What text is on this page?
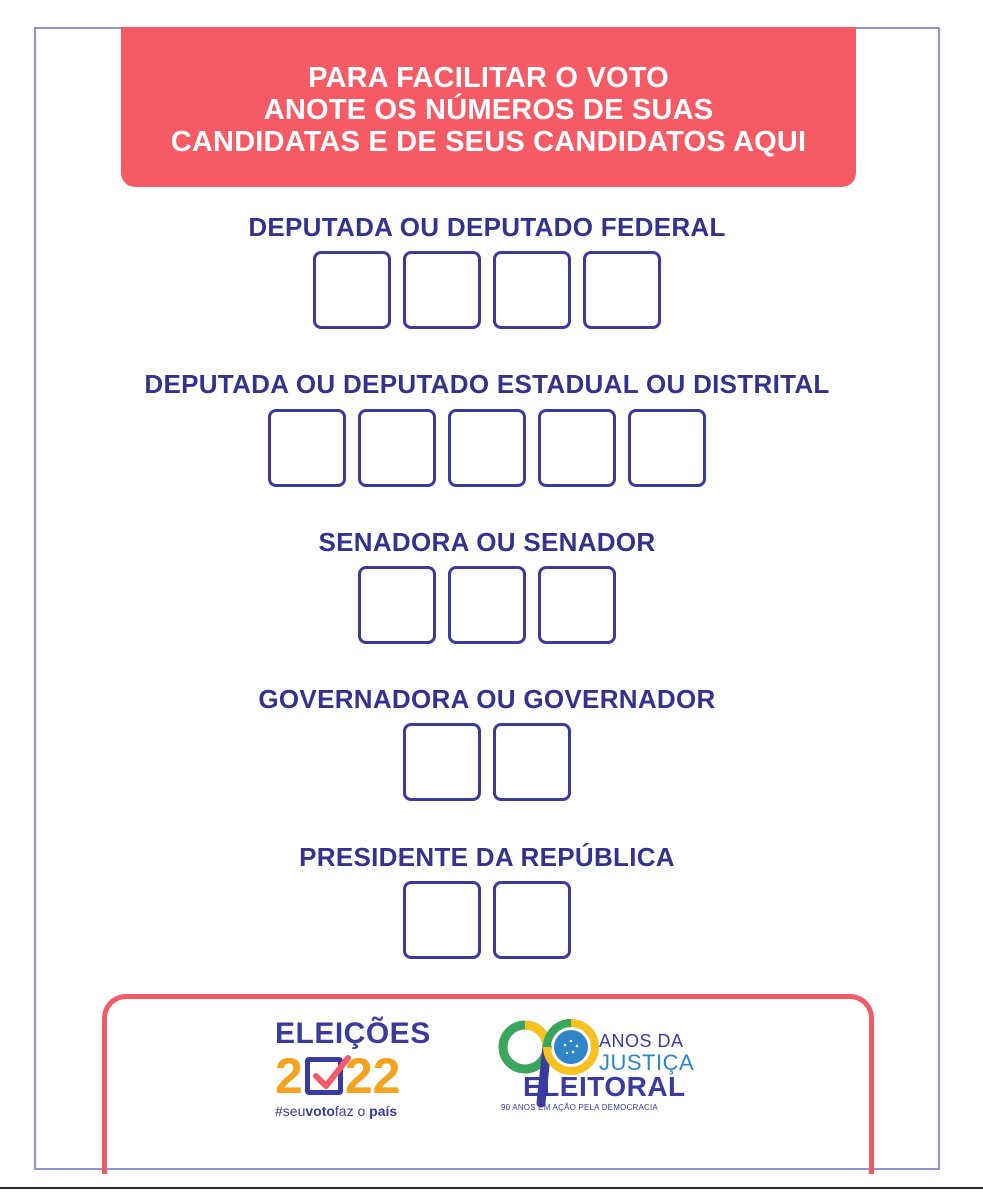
PARA FACILITAR O VOTO
ANOTE OS NÚMEROS DE SUAS
CANDIDATAS E DE SEUS CANDIDATOS AQUI
DEPUTADA OU DEPUTADO FEDERAL
DEPUTADA OU DEPUTADO ESTADUAL OU DISTRITAL
SENADORA OU SENADOR
GOVERNADORA OU GOVERNADOR
PRESIDENTE DA REPÚBLICA
ELEIÇÕES
2 2 2
#seuvotofaz o país
ANOS DA
JUSTIÇA
ELEITORAL
90 ANOS EM AÇÃO PELA DEMOCRACIA
